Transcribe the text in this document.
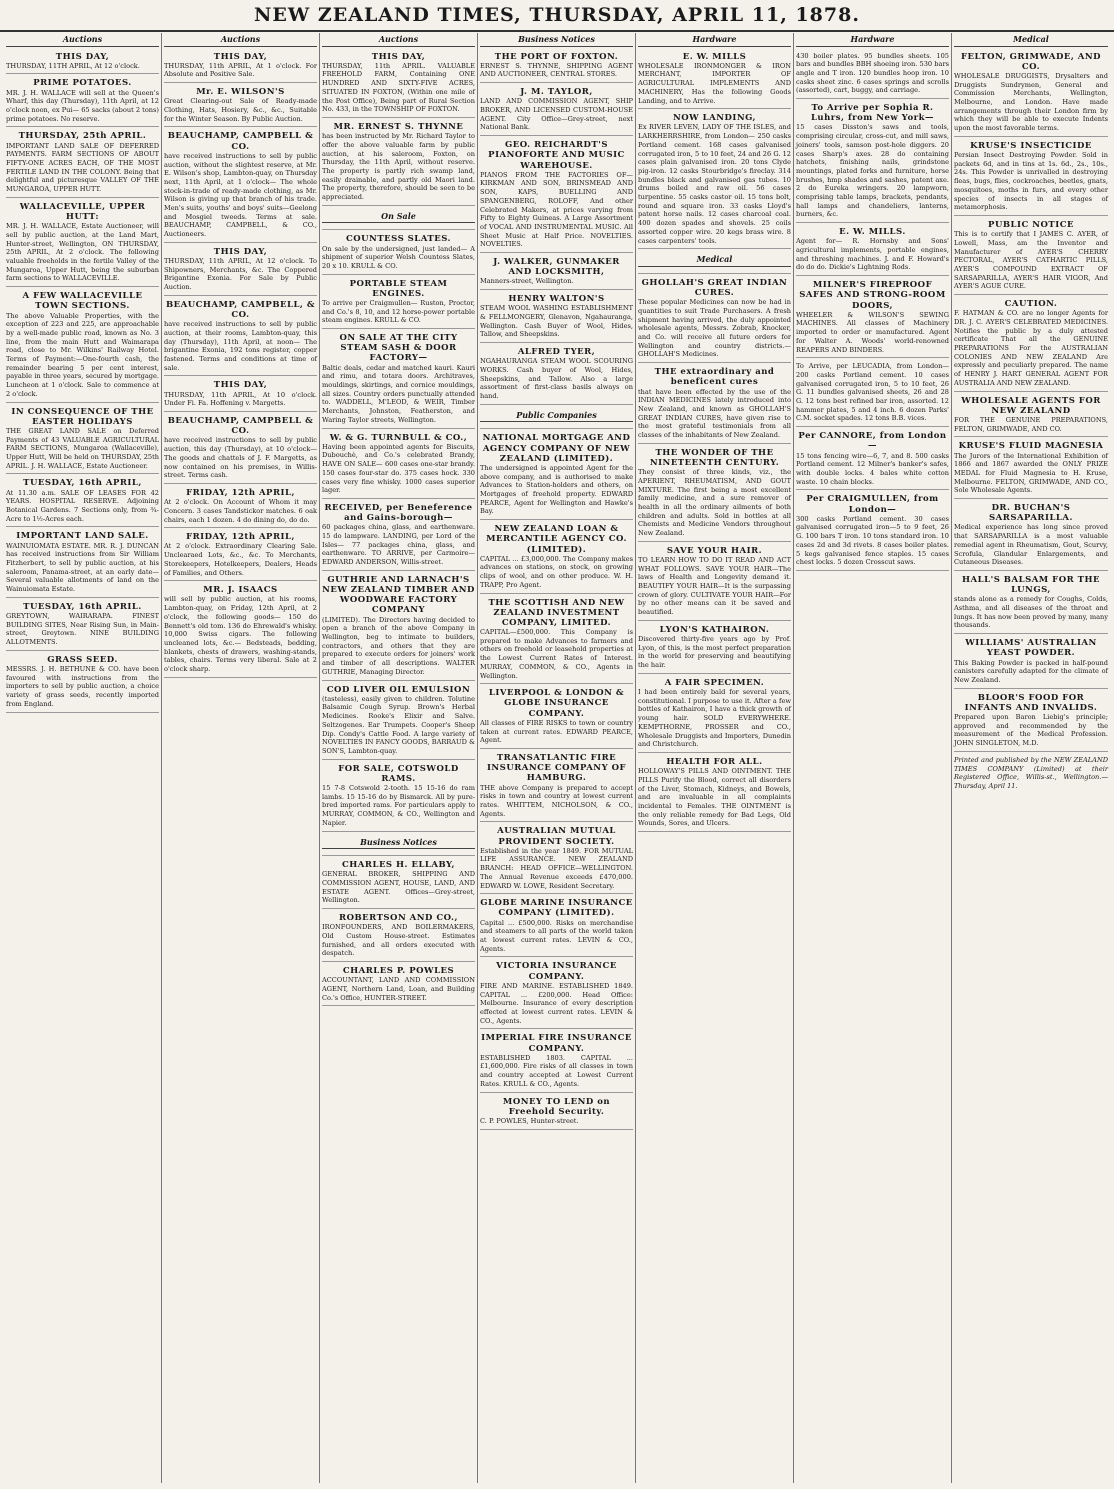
NEW ZEALAND TIMES, THURSDAY, APRIL 11, 1878.
Auctions
THIS DAY,
THURSDAY, 11TH APRIL, At 12 o'clock.
PRIME POTATOES.
MR. J. H. WALLACE will sell at the Queen's Wharf, this day (Thursday), 11th April, at 12 o'clock noon, ex Pui— 65 sacks (about 2 tons) prime potatoes. No reserve.
THURSDAY, 25th APRIL.
IMPORTANT LAND SALE OF DEFERRED PAYMENTS. FARM SECTIONS OF ABOUT FIFTY-ONE ACRES EACH, OF THE MOST FERTILE LAND IN THE COLONY. Being that delightful and picturesque VALLEY OF THE MUNGAROA, UPPER HUTT.
WALLACEVILLE, UPPER HUTT:
MR. J. H. WALLACE, Estate Auctioneer, will sell by public auction, at the Land Mart, Hunter-street, Wellington, ON THURSDAY, 25th APRIL, At 2 o'clock. The following valuable freeholds in the fertile Valley of the Mungaroa, Upper Hutt, being the suburban farm sections to WALLACEVILLE.
A FEW WALLACEVILLE TOWN SECTIONS.
The above Valuable Properties, with the exception of 223 and 225, are approachable by a well-made public road, known as No. 3 line, from the main Hutt and Waimarapa road, close to Mr. Wilkins' Railway Hotel. Terms of Payment:—One-fourth cash, the remainder bearing 5 per cent interest, payable in three years, secured by mortgage. Luncheon at 1 o'clock. Sale to commence at 2 o'clock.
IN CONSEQUENCE OF THE EASTER HOLIDAYS
THE GREAT LAND SALE on Deferred Payments of 43 VALUABLE AGRICULTURAL FARM SECTIONS, Mungaroa (Wallaceville), Upper Hutt, Will be held on THURSDAY, 25th APRIL. J. H. WALLACE, Estate Auctioneer.
TUESDAY, 16th APRIL,
At 11.30 a.m. SALE OF LEASES FOR 42 YEARS. HOSPITAL RESERVE. Adjoining Botanical Gardens. 7 Sections only, from ¾-Acre to 1½-Acres each.
IMPORTANT LAND SALE.
WAINUIOMATA ESTATE. MR. R. J. DUNCAN has received instructions from Sir William Fitzherbert, to sell by public auction, at his saleroom, Panama-street, at an early date— Several valuable allotments of land on the Wainuiomata Estate.
TUESDAY, 16th APRIL.
GREYTOWN, WAIRARAPA. FINEST BUILDING SITES, Near Rising Sun, in Main-street, Greytown. NINE BUILDING ALLOTMENTS.
GRASS SEED.
MESSRS. J. H. BETHUNE & CO. have been favoured with instructions from the importers to sell by public auction, a choice variety of grass seeds, recently imported from England.
Auctions
THIS DAY,
THURSDAY, 11th APRIL, At 1 o'clock. For Absolute and Positive Sale.
Mr. E. WILSON'S
Great Clearing-out Sale of Ready-made Clothing, Hats, Hosiery, &c., &c., Suitable for the Winter Season. By Public Auction.
BEAUCHAMP, CAMPBELL & CO.
have received instructions to sell by public auction, without the slightest reserve, at Mr. E. Wilson's shop, Lambton-quay, on Thursday next, 11th April, at 1 o'clock— The whole stock-in-trade of ready-made clothing, as Mr. Wilson is giving up that branch of his trade. Men's suits, youths' and boys' suits—Geelong and Mosgiel tweeds. Terms at sale. BEAUCHAMP, CAMPBELL, & CO., Auctioneers.
THIS DAY,
THURSDAY, 11th APRIL, At 12 o'clock. To Shipowners, Merchants, &c. The Coppered Brigantine Exonia. For Sale by Public Auction.
BEAUCHAMP, CAMPBELL, & CO.
have received instructions to sell by public auction, at their rooms, Lambton-quay, this day (Thursday), 11th April, at noon— The brigantine Exonia, 192 tons register, copper fastened. Terms and conditions at time of sale.
THIS DAY,
THURSDAY, 11th APRIL, At 10 o'clock. Under Fi. Fa. Hoffening v. Margetts.
BEAUCHAMP, CAMPBELL & CO.
have received instructions to sell by public auction, this day (Thursday), at 10 o'clock— The goods and chattels of J. F. Margetts, as now contained on his premises, in Willis-street. Terms cash.
FRIDAY, 12th APRIL,
At 2 o'clock. On Account of Whom it may Concern. 3 cases Tandstickor matches. 6 oak chairs, each 1 dozen. 4 do dining do, do do.
FRIDAY, 12th APRIL,
At 2 o'clock. Extraordinary Clearing Sale. Unclearaed Lots, &c., &c. To Merchants, Storekeepers, Hotelkeepers, Dealers, Heads of Families, and Others.
MR. J. ISAACS
will sell by public auction, at his rooms, Lambton-quay, on Friday, 12th April, at 2 o'clock, the following goods— 150 do Bennett's old tom. 136 do Ehrewald's whisky. 10,000 Swiss cigars. The following uncleaned lots, &c.— Bedsteads, bedding, blankets, chests of drawers, washing-stands, tables, chairs. Terms very liberal. Sale at 2 o'clock sharp.
Auctions
THIS DAY,
THURSDAY, 11th APRIL. VALUABLE FREEHOLD FARM, Containing ONE HUNDRED AND SIXTY-FIVE ACRES, SITUATED IN FOXTON, (Within one mile of the Post Office), Being part of Rural Section No. 433, in the TOWNSHIP OF FOXTON.
MR. ERNEST S. THYNNE
has been instructed by Mr. Richard Taylor to offer the above valuable farm by public auction, at his saleroom, Foxton, on Thursday, the 11th April, without reserve. The property is partly rich swamp land, easily drainable, and partly old Maori land. The property, therefore, should be seen to be appreciated.
On Sale
COUNTESS SLATES.
On sale by the undersigned, just landed— A shipment of superior Welsh Countess Slates, 20 x 10. KRULL & CO.
PORTABLE STEAM ENGINES.
To arrive per Craigmullen— Ruston, Proctor, and Co.'s 8, 10, and 12 horse-power portable steam engines. KRULL & CO.
ON SALE AT THE CITY STEAM SASH & DOOR FACTORY—
Baltic deals, cedar and matched kauri. Kauri and rimu, and totara doors. Architraves, mouldings, skirtings, and cornice mouldings, all sizes. Country orders punctually attended to. WADDELL, M'LEOD, & WEIR, Timber Merchants, Johnston, Featherston, and Waring Taylor streets, Wellington.
W. & G. TURNBULL & CO.,
Having been appointed agents for Biscuits, Dubouchè, and Co.'s celebrated Brandy, HAVE ON SALE— 600 cases one-star brandy. 150 cases four-star do. 375 cases hock. 330 cases very fine whisky. 1000 cases superior lager.
RECEIVED, per Beneference and Gains-borough—
60 packages china, glass, and earthenware. 15 do lampware. LANDING, per Lord of the Isles— 77 packages china, glass, and earthenware. TO ARRIVE, per Carmoire— EDWARD ANDERSON, Willis-street.
GUTHRIE AND LARNACH'S NEW ZEALAND TIMBER AND WOODWARE FACTORY COMPANY
(LIMITED). The Directors having decided to open a branch of the above Company in Wellington, beg to intimate to builders, contractors, and others that they are prepared to execute orders for joiners' work and timber of all descriptions. WALTER GUTHRIE, Managing Director.
COD LIVER OIL EMULSION
(tasteless), easily given to children. Tolutine Balsamic Cough Syrup. Brown's Herbal Medicines. Rooke's Elixir and Salve. Seltzogenes. Ear Trumpets. Cooper's Sheep Dip. Condy's Cattle Food. A large variety of NOVELTIES IN FANCY GOODS, BARRAUD & SON'S, Lambton-quay.
FOR SALE, COTSWOLD RAMS.
15 7-8 Cotswold 2-tooth. 15 15-16 do ram lambs. 15 15-16 do by Bismarck. All by pure-bred imported rams. For particulars apply to MURRAY, COMMON, & CO., Wellington and Napier.
Business Notices
CHARLES H. ELLABY,
GENERAL BROKER, SHIPPING AND COMMISSION AGENT, HOUSE, LAND, AND ESTATE AGENT. Offices—Grey-street, Wellington.
ROBERTSON AND CO.,
IRONFOUNDERS, AND BOILERMAKERS, Old Custom House-street. Estimates furnished, and all orders executed with despatch.
CHARLES P. POWLES
ACCOUNTANT, LAND AND COMMISSION AGENT, Northern Land, Loan, and Building Co.'s Office, HUNTER-STREET.
Business Notices
THE PORT OF FOXTON.
ERNEST S. THYNNE, SHIPPING AGENT AND AUCTIONEER, CENTRAL STORES.
J. M. TAYLOR,
LAND AND COMMISSION AGENT, SHIP BROKER, AND LICENSED CUSTOM-HOUSE AGENT. City Office—Grey-street, next National Bank.
GEO. REICHARDT'S PIANOFORTE AND MUSIC WAREHOUSE.
PIANOS FROM THE FACTORIES OF— KIRKMAN AND SON, BRINSMEAD AND SON, KAPS, BUELLING AND SPANGENBERG, ROLOFF, And other Celebrated Makers, at prices varying from Fifty to Eighty Guineas. A Large Assortment of VOCAL AND INSTRUMENTAL MUSIC. All Sheet Music at Half Price. NOVELTIES. NOVELTIES.
J. WALKER, GUNMAKER AND LOCKSMITH,
Manners-street, Wellington.
HENRY WALTON'S
STEAM WOOL WASHING ESTABLISHMENT & FELLMONGERY, Glenavon, Ngahauranga, Wellington. Cash Buyer of Wool, Hides, Tallow, and Sheepskins.
ALFRED TYER,
NGAHAURANGA STEAM WOOL SCOURING WORKS. Cash buyer of Wool, Hides, Sheepskins, and Tallow. Also a large assortment of first-class basils always on hand.
Public Companies
NATIONAL MORTGAGE AND AGENCY COMPANY OF NEW ZEALAND (LIMITED).
The undersigned is appointed Agent for the above company, and is authorised to make Advances to Station-holders and others, on Mortgages of freehold property. EDWARD PEARCE, Agent for Wellington and Hawke's Bay.
NEW ZEALAND LOAN & MERCANTILE AGENCY CO. (LIMITED).
CAPITAL ... £3,000,000. The Company makes advances on stations, on stock, on growing clips of wool, and on other produce. W. H. TRAPP, Pro Agent.
THE SCOTTISH AND NEW ZEALAND INVESTMENT COMPANY, LIMITED.
CAPITAL—£500,000. This Company is prepared to make Advances to farmers and others on freehold or leasehold properties at the Lowest Current Rates of Interest. MURRAY, COMMON, & CO., Agents in Wellington.
LIVERPOOL & LONDON & GLOBE INSURANCE COMPANY.
All classes of FIRE RISKS to town or country taken at current rates. EDWARD PEARCE, Agent.
TRANSATLANTIC FIRE INSURANCE COMPANY OF HAMBURG.
THE above Company is prepared to accept risks in town and country at lowest current rates. WHITTEM, NICHOLSON, & CO., Agents.
AUSTRALIAN MUTUAL PROVIDENT SOCIETY.
Established in the year 1849. FOR MUTUAL LIFE ASSURANCE. NEW ZEALAND BRANCH: HEAD OFFICE—WELLINGTON. The Annual Revenue exceeds £470,000. EDWARD W. LOWE, Resident Secretary.
GLOBE MARINE INSURANCE COMPANY (LIMITED).
Capital ... £500,000. Risks on merchandise and steamers to all parts of the world taken at lowest current rates. LEVIN & CO., Agents.
VICTORIA INSURANCE COMPANY.
FIRE AND MARINE. ESTABLISHED 1849. CAPITAL ... £200,000. Head Office: Melbourne. Insurance of every description effected at lowest current rates. LEVIN & CO., Agents.
IMPERIAL FIRE INSURANCE COMPANY.
ESTABLISHED 1803. CAPITAL ... £1,600,000. Fire risks of all classes in town and country accepted at Lowest Current Rates. KRULL & CO., Agents.
MONEY TO LEND on Freehold Security.
C. P. POWLES, Hunter-street.
Hardware
E. W. MILLS
WHOLESALE IRONMONGER & IRON MERCHANT, IMPORTER OF AGRICULTURAL IMPLEMENTS AND MACHINERY, Has the following Goods Landing, and to Arrive.
NOW LANDING,
Ex RIVER LEVEN, LADY OF THE ISLES, and LARKHERRSHIRE, from London— 250 casks Portland cement. 168 cases galvanised corrugated iron, 5 to 10 feet, 24 and 26 G. 12 cases plain galvanised iron. 20 tons Clyde pig-iron. 12 casks Stourbridge's fireclay. 314 bundles black and galvanised gas tubes. 10 drums boiled and raw oil. 56 cases turpentine. 55 casks castor oil. 15 tons bolt, round and square iron. 33 casks Lloyd's patent horse nails. 12 cases charcoal coal. 400 dozen spades and shovels. 25 coils assorted copper wire. 20 kegs brass wire. 8 cases carpenters' tools.
Medical
GHOLLAH'S GREAT INDIAN CURES.
These popular Medicines can now be had in quantities to suit Trade Purchasers. A fresh shipment having arrived, the duly appointed wholesale agents, Messrs. Zobrab, Knocker, and Co. will receive all future orders for Wellington and country districts.—GHOLLAH'S Medicines.
THE extraordinary and beneficent cures
that have been effected by the use of the INDIAN MEDICINES lately introduced into New Zealand, and known as GHOLLAH'S GREAT INDIAN CURES, have given rise to the most grateful testimonials from all classes of the inhabitants of New Zealand.
THE WONDER OF THE NINETEENTH CENTURY.
They consist of three kinds, viz., the APERIENT, RHEUMATISM, AND GOUT MIXTURE. The first being a most excellent family medicine, and a sure remover of health in all the ordinary ailments of both children and adults. Sold in bottles at all Chemists and Medicine Vendors throughout New Zealand.
SAVE YOUR HAIR.
TO LEARN HOW TO DO IT READ AND ACT WHAT FOLLOWS. SAVE YOUR HAIR—The laws of Health and Longevity demand it. BEAUTIFY YOUR HAIR—It is the surpassing crown of glory. CULTIVATE YOUR HAIR—For by no other means can it be saved and beautified.
LYON'S KATHAIRON.
Discovered thirty-five years ago by Prof. Lyon, of this, is the most perfect preparation in the world for preserving and beautifying the hair.
A FAIR SPECIMEN.
I had been entirely bald for several years, constitutional. I purpose to use it. After a few bottles of Kathairon, I have a thick growth of young hair. SOLD EVERYWHERE. KEMPTHORNE, PROSSER and CO., Wholesale Druggists and Importers, Dunedin and Christchurch.
HEALTH FOR ALL.
HOLLOWAY'S PILLS AND OINTMENT. THE PILLS Purify the Blood, correct all disorders of the Liver, Stomach, Kidneys, and Bowels, and are invaluable in all complaints incidental to Females. THE OINTMENT is the only reliable remedy for Bad Legs, Old Wounds, Sores, and Ulcers.
Hardware
430 boiler plates. 95 bundles sheets. 105 bars and bundles BBH shoeing iron. 530 bars angle and T iron. 120 bundles hoop iron. 10 casks sheet zinc. 6 cases springs and scrolls (assorted), cart, buggy, and carriage.
To Arrive per Sophia R. Luhrs, from New York—
15 cases Disston's saws and tools, comprising circular, cross-cut, and mill saws, joiners' tools, samson post-hole diggers. 20 cases Sharp's axes. 28 do containing hatchets, finishing nails, grindstone mountings, plated forks and furniture, horse brushes, hmp shades and sashes, patent axe. 2 do Eureka wringers. 20 lampworn, comprising table lamps, brackets, pendants, hall lamps and chandeliers, lanterns, burners, &c.
E. W. MILLS.
Agent for— R. Hornsby and Sons' agricultural implements, portable engines, and threshing machines. J. and F. Howard's do do do. Dickie's Lightning Rods.
MILNER'S FIREPROOF SAFES AND STRONG-ROOM DOORS,
WHEELER & WILSON'S SEWING MACHINES. All classes of Machinery imported to order or manufactured. Agent for Walter A. Woods' world-renowned REAPERS AND BINDERS.
To Arrive, per LEUCADIA, from London— 200 casks Portland cement. 10 cases galvanised corrugated iron, 5 to 10 feet, 26 G. 11 bundles galvanised sheets, 26 and 28 G. 12 tons best refined bar iron, assorted. 12 hammer plates, 5 and 4 inch. 6 dozen Parks' C.M. socket spades. 12 tons B.B. vices.
Per CANNORE, from London—
15 tons fencing wire—6, 7, and 8. 500 casks Portland cement. 12 Milner's banker's safes, with double locks. 4 bales white cotton waste. 10 chain blocks.
Per CRAIGMULLEN, from London—
300 casks Portland cement. 30 cases galvanised corrugated iron—5 to 9 feet, 26 G. 100 bars T iron. 10 tons standard iron. 10 cases 2d and 3d rivets. 8 cases boiler plates. 5 kegs galvanised fence staples. 15 cases chest locks. 5 dozen Crosscut saws.
Medical
FELTON, GRIMWADE, AND CO.
WHOLESALE DRUGGISTS, Drysalters and Druggists Sundrymen, General and Commission Merchants, Wellington, Melbourne, and London. Have made arrangements through their London firm by which they will be able to execute Indents upon the most favorable terms.
KRUSE'S INSECTICIDE
Persian Insect Destroying Powder. Sold in packets 6d, and in tins at 1s. 6d., 2s., 10s., 24s. This Powder is unrivalled in destroying fleas, bugs, flies, cockroaches, beetles, gnats, mosquitoes, moths in furs, and every other species of insects in all stages of metamorphosis.
PUBLIC NOTICE
This is to certify that I JAMES C. AYER, of Lowell, Mass, am the Inventor and Manufacturer of AYER'S CHERRY PECTORAL, AYER'S CATHARTIC PILLS, AYER'S COMPOUND EXTRACT OF SARSAPARILLA, AYER'S HAIR VIGOR, And AYER'S AGUE CURE.
CAUTION.
F. HATMAN & CO. are no longer Agents for DR. J. C. AYER'S CELEBRATED MEDICINES. Notifies the public by a duly attested certificate That all the GENUINE PREPARATIONS For the AUSTRALIAN COLONIES AND NEW ZEALAND Are expressly and peculiarly prepared. The name of HENRY J. HART GENERAL AGENT FOR AUSTRALIA AND NEW ZEALAND.
WHOLESALE AGENTS FOR NEW ZEALAND
FOR THE GENUINE PREPARATIONS, FELTON, GRIMWADE, AND CO.
KRUSE'S FLUID MAGNESIA
The Jurors of the International Exhibition of 1866 and 1867 awarded the ONLY PRIZE MEDAL for Fluid Magnesia to H. Kruse, Melbourne. FELTON, GRIMWADE, AND CO., Sole Wholesale Agents.
DR. BUCHAN'S SARSAPARILLA.
Medical experience has long since proved that SARSAPARILLA is a most valuable remedial agent in Rheumatism, Gout, Scurvy, Scrofula, Glandular Enlargements, and Cutaneous Diseases.
HALL'S BALSAM FOR THE LUNGS,
stands alone as a remedy for Coughs, Colds, Asthma, and all diseases of the throat and lungs. It has now been proved by many, many thousands.
WILLIAMS' AUSTRALIAN YEAST POWDER.
This Baking Powder is packed in half-pound canisters carefully adapted for the climate of New Zealand.
BLOOR'S FOOD FOR INFANTS AND INVALIDS.
Prepared upon Baron Liebig's principle; approved and recommended by the measurement of the Medical Profession. JOHN SINGLETON, M.D.
Printed and published by the NEW ZEALAND TIMES COMPANY (Limited) at their Registered Office, Willis-st., Wellington.—Thursday, April 11.
